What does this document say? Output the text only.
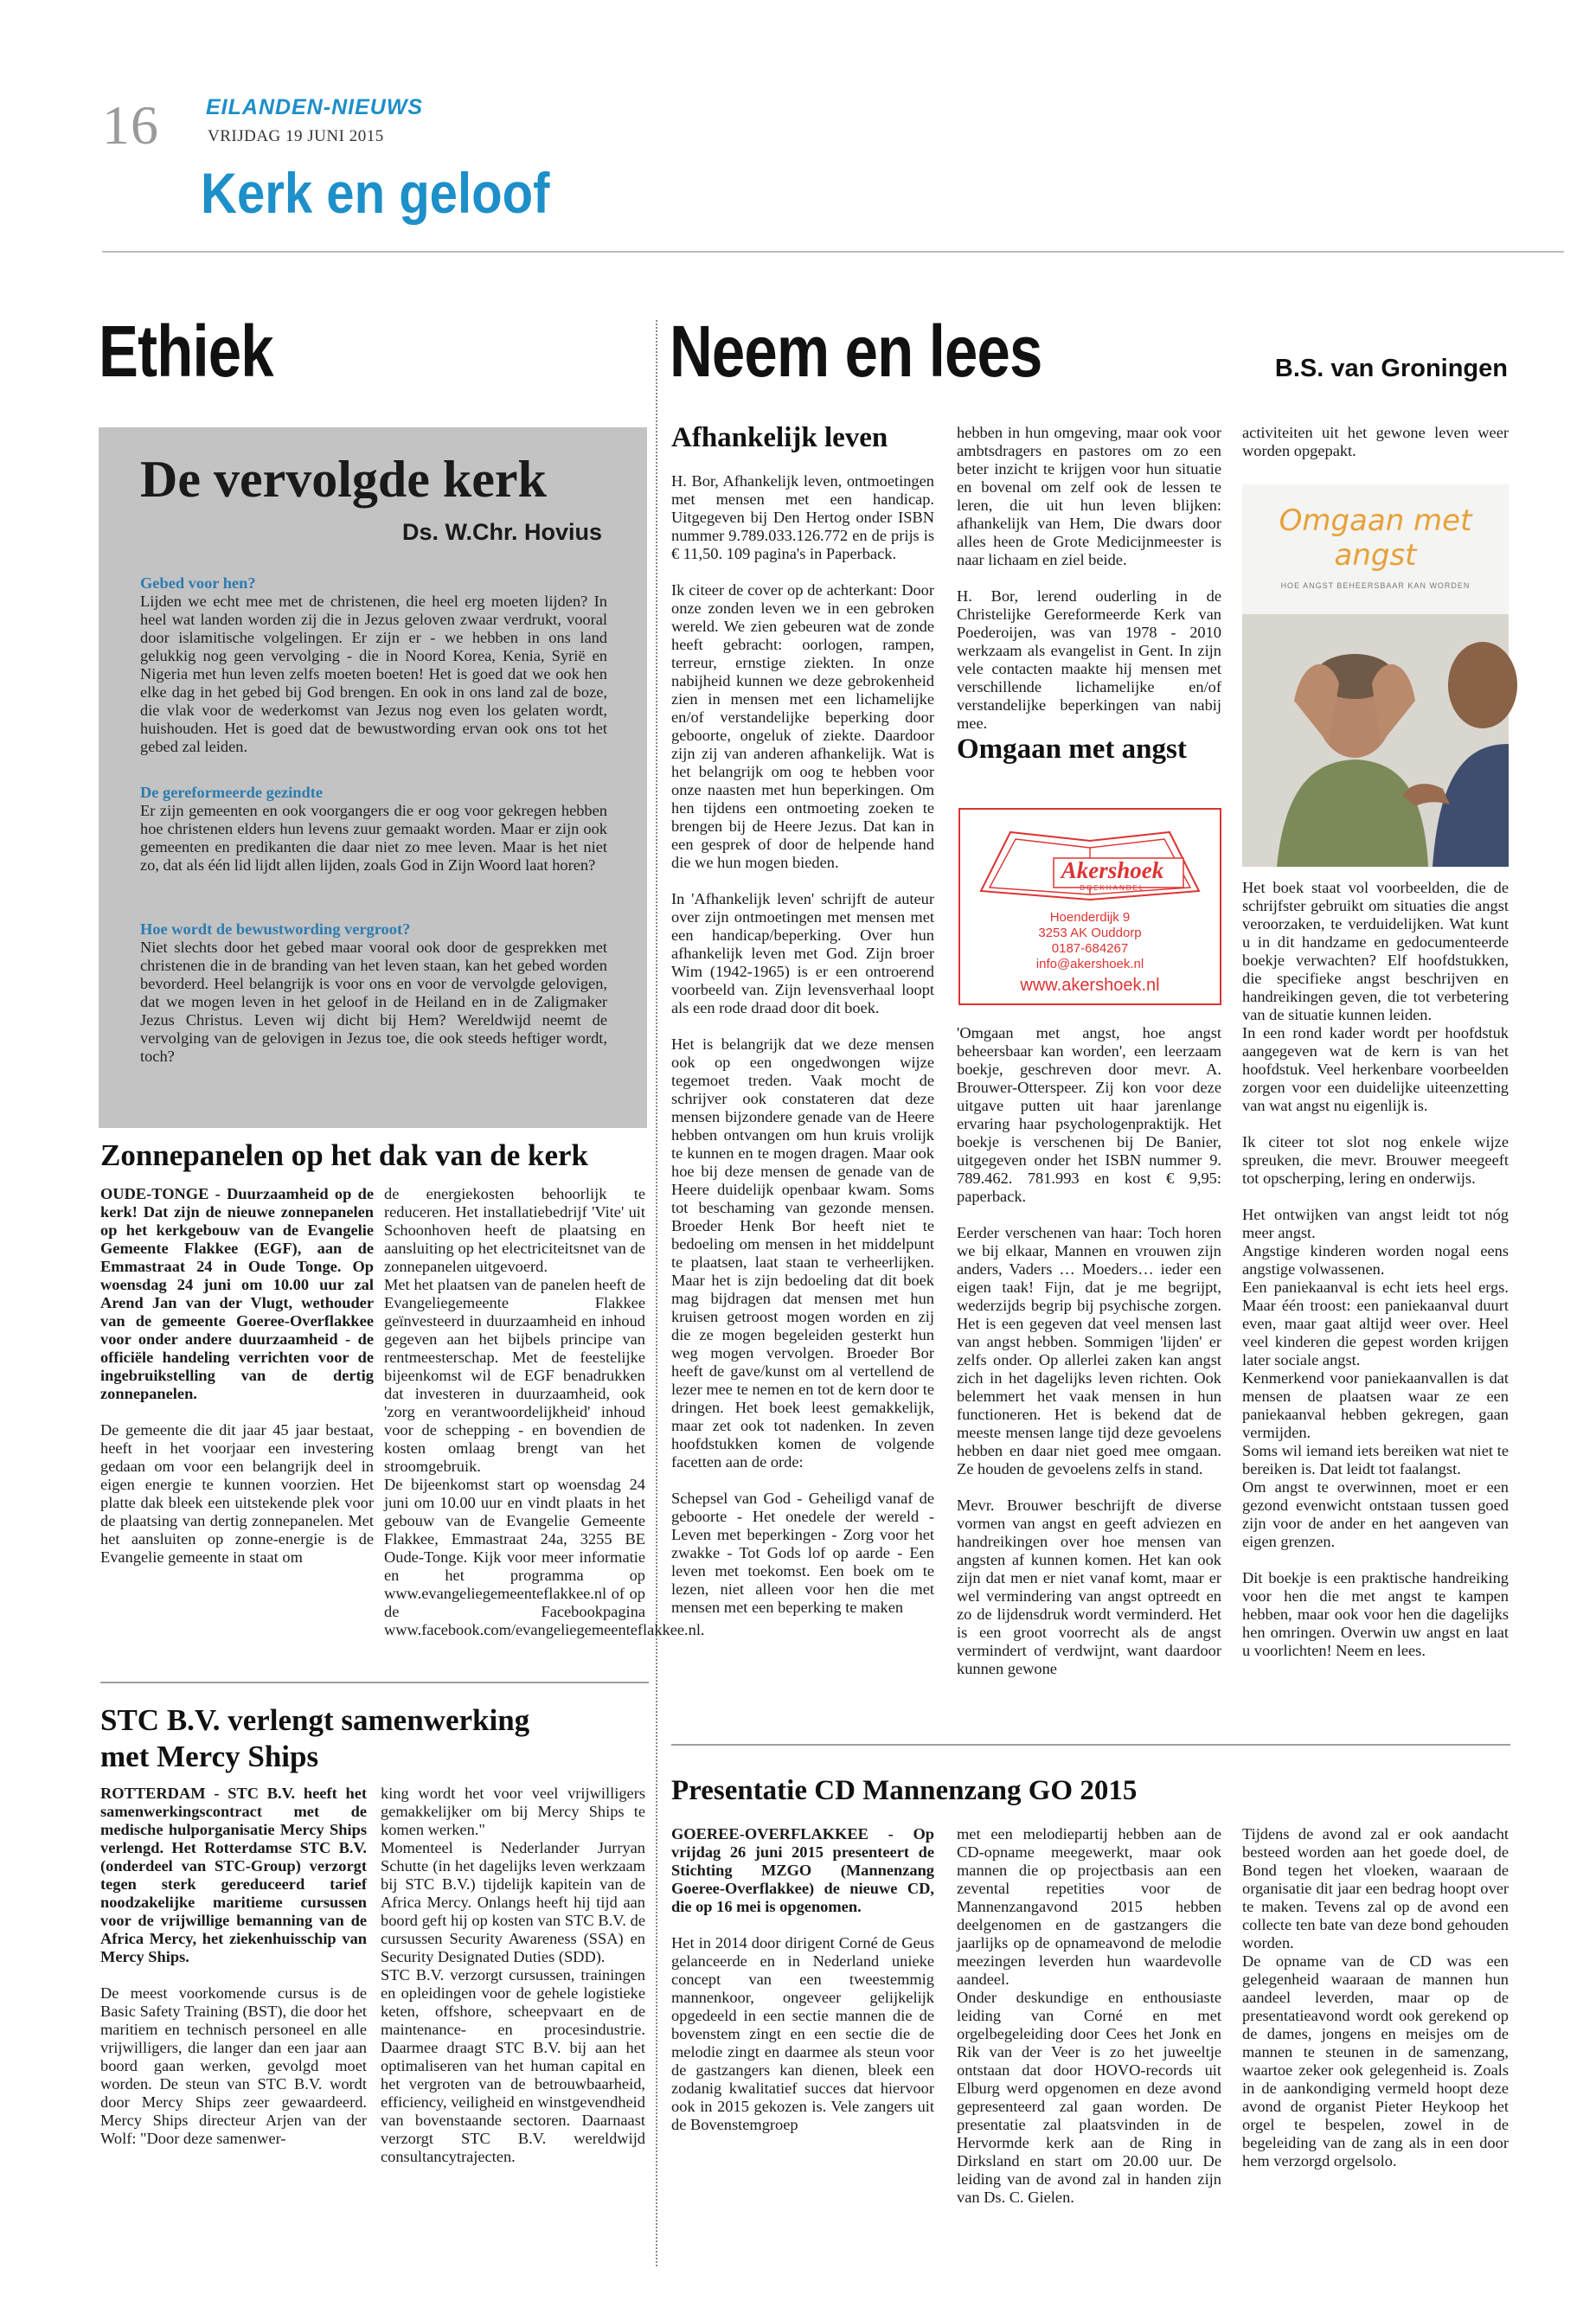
16 EILANDEN-NIEUWS
VRIJDAG 19 JUNI 2015
Kerk en geloof
Ethiek
De vervolgde kerk
Ds. W.Chr. Hovius
Gebed voor hen?
Lijden we echt mee met de christenen, die heel erg moeten lijden? In heel wat landen worden zij die in Jezus geloven zwaar verdrukt, vooral door islamitische volgelingen. Er zijn er - we hebben in ons land gelukkig nog geen vervolging - die in Noord Korea, Kenia, Syrië en Nigeria met hun leven zelfs moeten boeten! Het is goed dat we ook hen elke dag in het gebed bij God brengen. En ook in ons land zal de boze, die vlak voor de wederkomst van Jezus nog even los gelaten wordt, huishouden. Het is goed dat de bewustwording ervan ook ons tot het gebed zal leiden.
De gereformeerde gezindte
Er zijn gemeenten en ook voorgangers die er oog voor gekregen hebben hoe christenen elders hun levens zuur gemaakt worden. Maar er zijn ook gemeenten en predikanten die daar niet zo mee leven. Maar is het niet zo, dat als één lid lijdt allen lijden, zoals God in Zijn Woord laat horen?
Hoe wordt de bewustwording vergroot?
Niet slechts door het gebed maar vooral ook door de gesprekken met christenen die in de branding van het leven staan, kan het gebed worden bevorderd. Heel belangrijk is voor ons en voor de vervolgde gelovigen, dat we mogen leven in het geloof in de Heiland en in de Zaligmaker Jezus Christus. Leven wij dicht bij Hem? Wereldwijd neemt de vervolging van de gelovigen in Jezus toe, die ook steeds heftiger wordt, toch?
Zonnepanelen op het dak van de kerk

OUDE-TONGE - Duurzaamheid op de kerk! Dat zijn de nieuwe zonnepanelen op het kerkgebouw van de Evangelie Gemeente Flakkee (EGF), aan de Emmastraat 24 in Oude Tonge. Op woensdag 24 juni om 10.00 uur zal Arend Jan van der Vlugt, wethouder van de gemeente Goeree-Overflakkee voor onder andere duurzaamheid - de officiële handeling verrichten voor de ingebruikstelling van de dertig zonnepanelen.

De gemeente die dit jaar 45 jaar bestaat, heeft in het voorjaar een investering gedaan om voor een belangrijk deel in eigen energie te kunnen voorzien. Het platte dak bleek een uitstekende plek voor de plaatsing van dertig zonnepanelen. Met het aansluiten op zonne-energie is de Evangelie gemeente in staat om

de energiekosten behoorlijk te reduceren. Het installatiebedrijf 'Vite' uit Schoonhoven heeft de plaatsing en aansluiting op het electriciteitsnet van de zonnepanelen uitgevoerd.

Met het plaatsen van de panelen heeft de Evangeliegemeente Flakkee geïnvesteerd in duurzaamheid en inhoud gegeven aan het bijbels principe van rentmeesterschap. Met de feestelijke bijeenkomst wil de EGF benadrukken dat investeren in duurzaamheid, ook 'zorg en verantwoordelijkheid' inhoud voor de schepping - en bovendien de kosten omlaag brengt van het stroomgebruik.

De bijeenkomst start op woensdag 24 juni om 10.00 uur en vindt plaats in het gebouw van de Evangelie Gemeente Flakkee, Emmastraat 24a, 3255 BE Oude-Tonge. Kijk voor meer informatie en het programma op www.evangeliegemeenteflakkee.nl of op de Facebookpagina www.facebook.com/evangeliegemeenteflakkee.nl.

STC B.V. verlengt samenwerking
met Mercy Ships

ROTTERDAM - STC B.V. heeft het samenwerkingscontract met de medische hulporganisatie Mercy Ships verlengd. Het Rotterdamse STC B.V. (onderdeel van STC-Group) verzorgt tegen sterk gereduceerd tarief noodzakelijke maritieme cursussen voor de vrijwillige bemanning van de Africa Mercy, het ziekenhuisschip van Mercy Ships.

De meest voorkomende cursus is de Basic Safety Training (BST), die door het maritiem en technisch personeel en alle vrijwilligers, die langer dan een jaar aan boord gaan werken, gevolgd moet worden. De steun van STC B.V. wordt door Mercy Ships zeer gewaardeerd. Mercy Ships directeur Arjen van der Wolf: "Door deze samenwer-

king wordt het voor veel vrijwilligers gemakkelijker om bij Mercy Ships te komen werken."

Momenteel is Nederlander Jurryan Schutte (in het dagelijks leven werkzaam bij STC B.V.) tijdelijk kapitein van de Africa Mercy. Onlangs heeft hij tijd aan boord geft hij op kosten van STC B.V. de cursussen Security Awareness (SSA) en Security Designated Duties (SDD).

STC B.V. verzorgt cursussen, trainingen en opleidingen voor de gehele logistieke keten, offshore, scheepvaart en de maintenance- en procesindustrie. Daarmee draagt STC B.V. bij aan het optimaliseren van het human capital en het vergroten van de betrouwbaarheid, efficiency, veiligheid en winstgevendheid van bovenstaande sectoren. Daarnaast verzorgt STC B.V. wereldwijd consultancytrajecten.

Neem en lees	B.S. van Groningen
Afhankelijk leven

H. Bor, Afhankelijk leven, ontmoetingen met mensen met een handicap. Uitgegeven bij Den Hertog onder ISBN nummer 9.789.033.126.772 en de prijs is € 11,50. 109 pagina's in Paperback.

Ik citeer de cover op de achterkant: Door onze zonden leven we in een gebroken wereld. We zien gebeuren wat de zonde heeft gebracht: oorlogen, rampen, terreur, ernstige ziekten. In onze nabijheid kunnen we deze gebrokenheid zien in mensen met een lichamelijke en/of verstandelijke beperking door geboorte, ongeluk of ziekte. Daardoor zijn zij van anderen afhankelijk. Wat is het belangrijk om oog te hebben voor onze naasten met hun beperkingen. Om hen tijdens een ontmoeting zoeken te brengen bij de Heere Jezus. Dat kan in een gesprek of door de helpende hand die we hun mogen bieden.

In 'Afhankelijk leven' schrijft de auteur over zijn ontmoetingen met mensen met een handicap/beperking. Over hun afhankelijk leven met God. Zijn broer Wim (1942-1965) is er een ontroerend voorbeeld van. Zijn levensverhaal loopt als een rode draad door dit boek.

Het is belangrijk dat we deze mensen ook op een ongedwongen wijze tegemoet treden. Vaak mocht de schrijver ook constateren dat deze mensen bijzondere genade van de Heere hebben ontvangen om hun kruis vrolijk te kunnen en te mogen dragen. Maar ook hoe bij deze mensen de genade van de Heere duidelijk openbaar kwam. Soms tot beschaming van gezonde mensen. Broeder Henk Bor heeft niet te bedoeling om mensen in het middelpunt te plaatsen, laat staan te verheerlijken. Maar het is zijn bedoeling dat dit boek mag bijdragen dat mensen met hun kruisen getroost mogen worden en zij die ze mogen begeleiden gesterkt hun weg mogen vervolgen. Broeder Bor heeft de gave/kunst om al vertellend de lezer mee te nemen en tot de kern door te dringen. Het boek leest gemakkelijk, maar zet ook tot nadenken. In zeven hoofdstukken komen de volgende facetten aan de orde:

Schepsel van God - Geheiligd vanaf de geboorte - Het onedele der wereld - Leven met beperkingen - Zorg voor het zwakke - Tot Gods lof op aarde - Een leven met toekomst. Een boek om te lezen, niet alleen voor hen die met mensen met een beperking te maken

hebben in hun omgeving, maar ook voor ambtsdragers en pastores om zo een beter inzicht te krijgen voor hun situatie en bovenal om zelf ook de lessen te leren, die uit hun leven blijken: afhankelijk van Hem, Die dwars door alles heen de Grote Medicijnmeester is naar lichaam en ziel beide.

H. Bor, lerend ouderling in de Christelijke Gereformeerde Kerk van Poederoijen, was van 1978 - 2010 werkzaam als evangelist in Gent. In zijn vele contacten maakte hij mensen met verschillende lichamelijke en/of verstandelijke beperkingen van nabij mee.

Omgaan met angst
Akershoek
BOEKHANDEL
Hoenderdijk 9
3253 AK Ouddorp
0187-684267
info@akershoek.nl
www.akershoek.nl

'Omgaan met angst, hoe angst beheersbaar kan worden', een leerzaam boekje, geschreven door mevr. A. Brouwer-Otterspeer. Zij kon voor deze uitgave putten uit haar jarenlange ervaring haar psychologenpraktijk. Het boekje is verschenen bij De Banier, uitgegeven onder het ISBN nummer 9. 789.462. 781.993 en kost € 9,95: paperback.

Eerder verschenen van haar: Toch horen we bij elkaar, Mannen en vrouwen zijn anders, Vaders … Moeders… ieder een eigen taak! Fijn, dat je me begrijpt, wederzijds begrip bij psychische zorgen. Het is een gegeven dat veel mensen last van angst hebben. Sommigen 'lijden' er zelfs onder. Op allerlei zaken kan angst zich in het dagelijks leven richten. Ook belemmert het vaak mensen in hun functioneren. Het is bekend dat de meeste mensen lange tijd deze gevoelens hebben en daar niet goed mee omgaan. Ze houden de gevoelens zelfs in stand.

Mevr. Brouwer beschrijft de diverse vormen van angst en geeft adviezen en handreikingen over hoe mensen van angsten af kunnen komen. Het kan ook zijn dat men er niet vanaf komt, maar er wel vermindering van angst optreedt en zo de lijdensdruk wordt verminderd. Het is een groot voorrecht als de angst vermindert of verdwijnt, want daardoor kunnen gewone

activiteiten uit het gewone leven weer worden opgepakt.

Omgaan met
angst
HOE ANGST BEHEERSBAAR KAN WORDEN

Het boek staat vol voorbeelden, die de schrijfster gebruikt om situaties die angst veroorzaken, te verduidelijken. Wat kunt u in dit handzame en gedocumenteerde boekje verwachten? Elf hoofdstukken, die specifieke angst beschrijven en handreikingen geven, die tot verbetering van de situatie kunnen leiden.
In een rond kader wordt per hoofdstuk aangegeven wat de kern is van het hoofdstuk. Veel herkenbare voorbeelden zorgen voor een duidelijke uiteenzetting van wat angst nu eigenlijk is.

Ik citeer tot slot nog enkele wijze spreuken, die mevr. Brouwer meegeeft tot opscherping, lering en onderwijs.

Het ontwijken van angst leidt tot nóg meer angst.
Angstige kinderen worden nogal eens angstige volwassenen.
Een paniekaanval is echt iets heel ergs. Maar één troost: een paniekaanval duurt even, maar gaat altijd weer over. Heel veel kinderen die gepest worden krijgen later sociale angst.
Kenmerkend voor paniekaanvallen is dat mensen de plaatsen waar ze een paniekaanval hebben gekregen, gaan vermijden.
Soms wil iemand iets bereiken wat niet te bereiken is. Dat leidt tot faalangst.
Om angst te overwinnen, moet er een gezond evenwicht ontstaan tussen goed zijn voor de ander en het aangeven van eigen grenzen.

Dit boekje is een praktische handreiking voor hen die met angst te kampen hebben, maar ook voor hen die dagelijks hen omringen. Overwin uw angst en laat u voorlichten! Neem en lees.

Presentatie CD Mannenzang GO 2015

GOEREE-OVERFLAKKEE - Op vrijdag 26 juni 2015 presenteert de Stichting MZGO (Mannenzang Goeree-Overflakkee) de nieuwe CD, die op 16 mei is opgenomen.

Het in 2014 door dirigent Corné de Geus gelanceerde en in Nederland unieke concept van een tweestemmig mannenkoor, ongeveer gelijkelijk opgedeeld in een sectie mannen die de bovenstem zingt en een sectie die de melodie zingt en daarmee als steun voor de gastzangers kan dienen, bleek een zodanig kwalitatief succes dat hiervoor ook in 2015 gekozen is. Vele zangers uit de Bovenstemgroep

met een melodiepartij hebben aan de CD-opname meegewerkt, maar ook mannen die op projectbasis aan een zevental repetities voor de Mannenzangavond 2015 hebben deelgenomen en de gastzangers die jaarlijks op de opnameavond de melodie meezingen leverden hun waardevolle aandeel.

Onder deskundige en enthousiaste leiding van Corné en met orgelbegeleiding door Cees het Jonk en Rik van der Veer is zo het juweeltje ontstaan dat door HOVO-records uit Elburg werd opgenomen en deze avond gepresenteerd zal gaan worden. De presentatie zal plaatsvinden in de Hervormde kerk aan de Ring in Dirksland en start om 20.00 uur. De leiding van de avond zal in handen zijn van Ds. C. Gielen.

Tijdens de avond zal er ook aandacht besteed worden aan het goede doel, de Bond tegen het vloeken, waaraan de organisatie dit jaar een bedrag hoopt over te maken. Tevens zal op de avond een collecte ten bate van deze bond gehouden worden.

De opname van de CD was een gelegenheid waaraan de mannen hun aandeel leverden, maar op de presentatieavond wordt ook gerekend op de dames, jongens en meisjes om de mannen te steunen in de samenzang, waartoe zeker ook gelegenheid is. Zoals in de aankondiging vermeld hoopt deze avond de organist Pieter Heykoop het orgel te bespelen, zowel in de begeleiding van de zang als in een door hem verzorgd orgelsolo.
